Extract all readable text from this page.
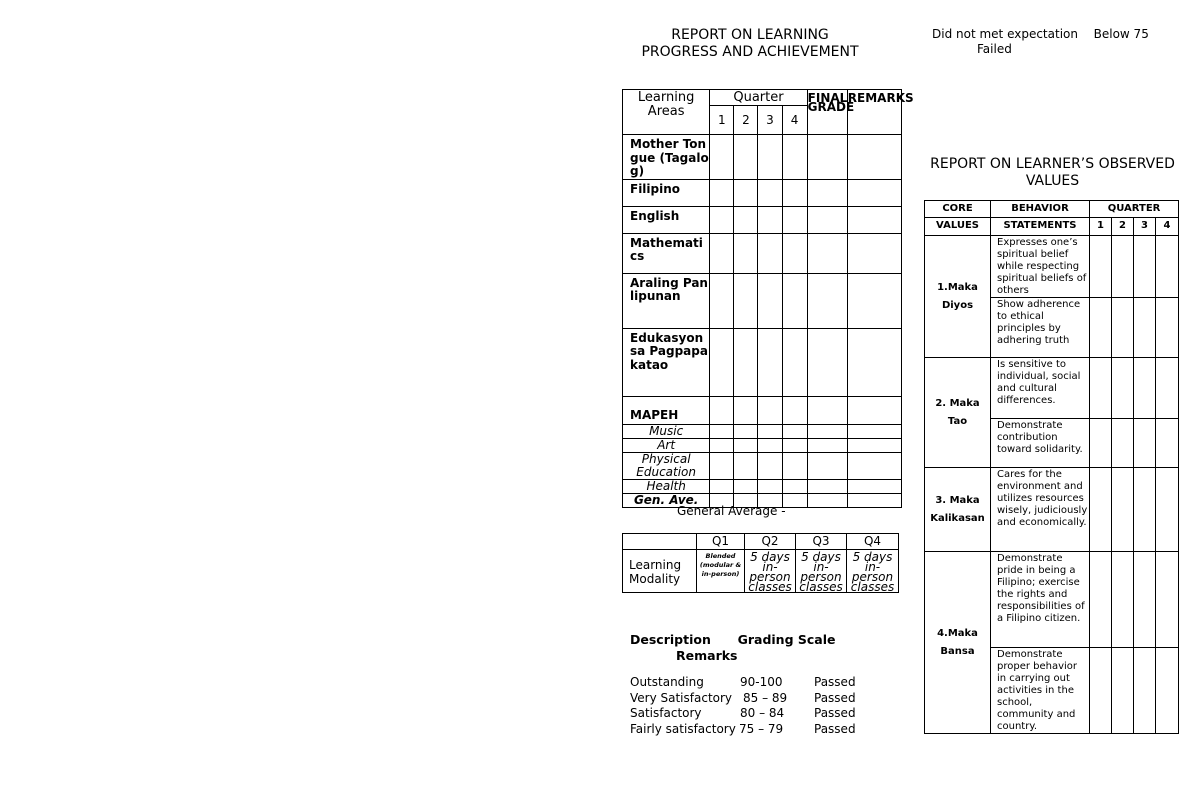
REPORT ON LEARNING PROGRESS AND ACHIEVEMENT
Learning Areas	Quarter				FINAL GRADE	REMARKS
	1	2	3	4		
Mother Tongue (Tagalog)						
Filipino						
English						
Mathematics						
Araling Panlipunan						
Edukasyon sa Pagpapakatao						
MAPEH						
Music						
Art						
Physical Education						
Health						
Gen. Ave.						
General Average -
	Q1	Q2	Q3	Q4
Learning Modality	Blended (modular & in-person)	5 days in-person classes	5 days in-person classes	5 days in-person classes
Description Grading Scale
Remarks
Outstanding	90-100	Passed
Very Satisfactory 85 – 89 Passed
Satisfactory	80 – 84 Passed
Fairly satisfactory 75 – 79	Passed
Did not met expectation Below 75
Failed
REPORT ON LEARNER’S OBSERVED VALUES
CORE	BEHAVIOR	QUARTER			
VALUES	STATEMENTS	1	2	3	4
1.Maka Diyos	Expresses one’s spiritual belief while respecting spiritual beliefs of others				
	Show adherence to ethical principles by adhering truth				
2. Maka Tao	Is sensitive to individual, social and cultural differences.				
	Demonstrate contribution toward solidarity.				
3. Maka Kalikasan	Cares for the environment and utilizes resources wisely, judiciously and economically.				
4.Maka Bansa	Demonstrate pride in being a Filipino; exercise the rights and responsibilities of a Filipino citizen.				
	Demonstrate proper behavior in carrying out activities in the school, community and country.				
